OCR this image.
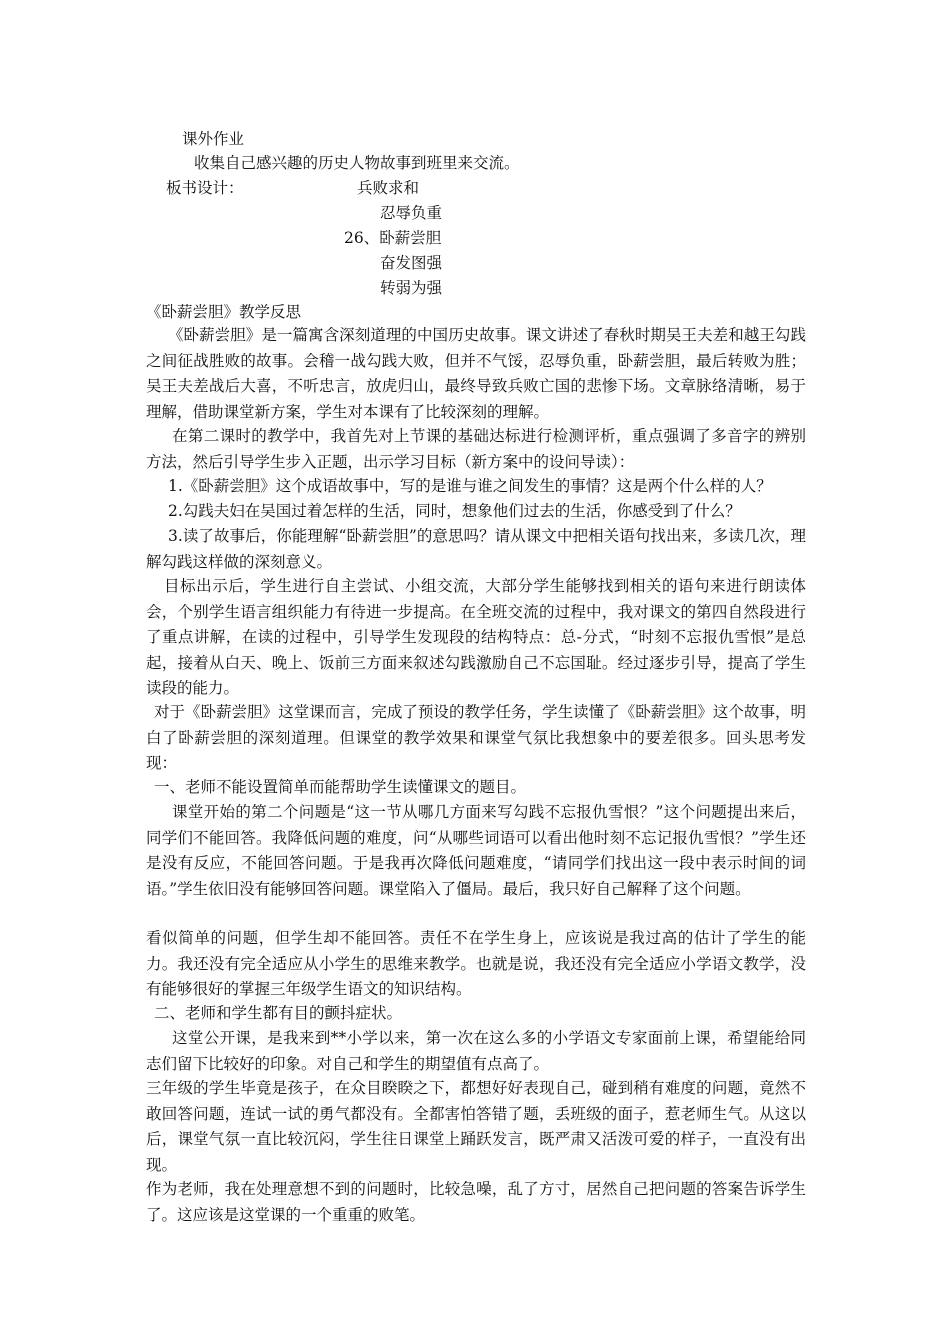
课外作业
收集自己感兴趣的历史人物故事到班里来交流。
板书设计：	兵败求和
忍辱负重
26、卧薪尝胆
奋发图强
转弱为强
《卧薪尝胆》教学反思
《卧薪尝胆》是一篇寓含深刻道理的中国历史故事。课文讲述了春秋时期吴王夫差和越王勾践之间征战胜败的故事。会稽一战勾践大败，但并不气馁，忍辱负重，卧薪尝胆，最后转败为胜；吴王夫差战后大喜，不听忠言，放虎归山，最终导致兵败亡国的悲惨下场。文章脉络清晰，易于理解，借助课堂新方案，学生对本课有了比较深刻的理解。
在第二课时的教学中，我首先对上节课的基础达标进行检测评析，重点强调了多音字的辨别方法，然后引导学生步入正题，出示学习目标（新方案中的设问导读）：
1.《卧薪尝胆》这个成语故事中，写的是谁与谁之间发生的事情？这是两个什么样的人？
2.勾践夫妇在吴国过着怎样的生活，同时，想象他们过去的生活，你感受到了什么？
3.读了故事后，你能理解“卧薪尝胆”的意思吗？请从课文中把相关语句找出来，多读几次，理解勾践这样做的深刻意义。
目标出示后，学生进行自主尝试、小组交流，大部分学生能够找到相关的语句来进行朗读体会，个别学生语言组织能力有待进一步提高。在全班交流的过程中，我对课文的第四自然段进行了重点讲解，在读的过程中，引导学生发现段的结构特点：总-分式，“时刻不忘报仇雪恨”是总起，接着从白天、晚上、饭前三方面来叙述勾践激励自己不忘国耻。经过逐步引导，提高了学生读段的能力。
对于《卧薪尝胆》这堂课而言，完成了预设的教学任务，学生读懂了《卧薪尝胆》这个故事，明白了卧薪尝胆的深刻道理。但课堂的教学效果和课堂气氛比我想象中的要差很多。回头思考发现：
一、老师不能设置简单而能帮助学生读懂课文的题目。
课堂开始的第二个问题是“这一节从哪几方面来写勾践不忘报仇雪恨？”这个问题提出来后，同学们不能回答。我降低问题的难度，问“从哪些词语可以看出他时刻不忘记报仇雪恨？”学生还是没有反应，不能回答问题。于是我再次降低问题难度，“请同学们找出这一段中表示时间的词语。”学生依旧没有能够回答问题。课堂陷入了僵局。最后，我只好自己解释了这个问题。
看似简单的问题，但学生却不能回答。责任不在学生身上，应该说是我过高的估计了学生的能力。我还没有完全适应从小学生的思维来教学。也就是说，我还没有完全适应小学语文教学，没有能够很好的掌握三年级学生语文的知识结构。
二、老师和学生都有目的颤抖症状。
这堂公开课，是我来到**小学以来，第一次在这么多的小学语文专家面前上课，希望能给同志们留下比较好的印象。对自己和学生的期望值有点高了。
三年级的学生毕竟是孩子，在众目睽睽之下，都想好好表现自己，碰到稍有难度的问题，竟然不敢回答问题，连试一试的勇气都没有。全都害怕答错了题，丢班级的面子，惹老师生气。从这以后，课堂气氛一直比较沉闷，学生往日课堂上踊跃发言，既严肃又活泼可爱的样子，一直没有出现。
作为老师，我在处理意想不到的问题时，比较急噪，乱了方寸，居然自己把问题的答案告诉学生了。这应该是这堂课的一个重重的败笔。
